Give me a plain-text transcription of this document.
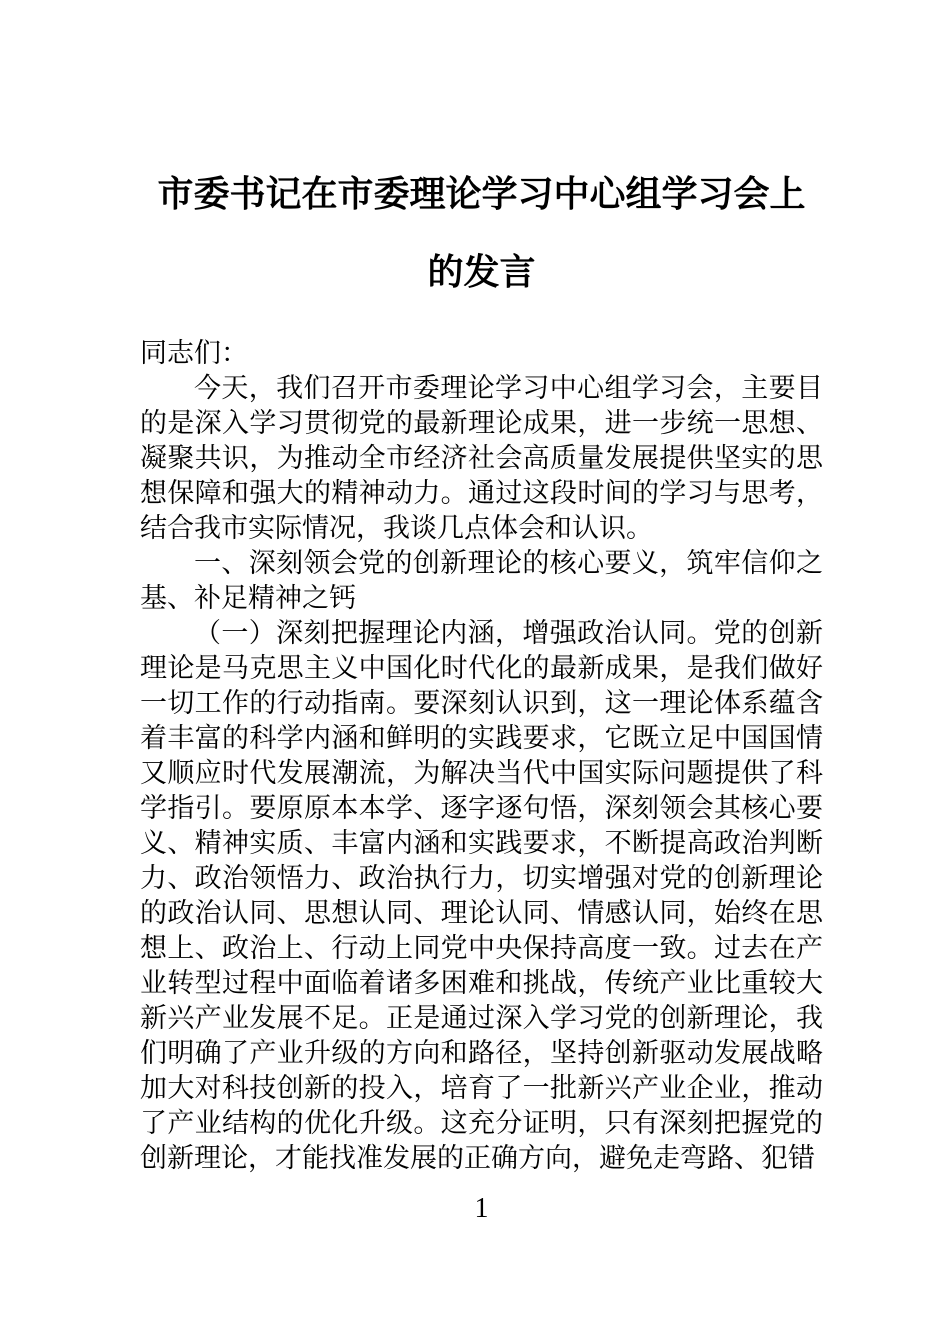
市委书记在市委理论学习中心组学习会上的发言

同志们：

今天，我们召开市委理论学习中心组学习会，主要目的是深入学习贯彻党的最新理论成果，进一步统一思想、凝聚共识，为推动全市经济社会高质量发展提供坚实的思想保障和强大的精神动力。通过这段时间的学习与思考，结合我市实际情况，我谈几点体会和认识。

一、深刻领会党的创新理论的核心要义，筑牢信仰之基、补足精神之钙

（一）深刻把握理论内涵，增强政治认同。党的创新理论是马克思主义中国化时代化的最新成果，是我们做好一切工作的行动指南。要深刻认识到，这一理论体系蕴含着丰富的科学内涵和鲜明的实践要求，它既立足中国国情又顺应时代发展潮流，为解决当代中国实际问题提供了科学指引。要原原本本学、逐字逐句悟，深刻领会其核心要义、精神实质、丰富内涵和实践要求，不断提高政治判断力、政治领悟力、政治执行力，切实增强对党的创新理论的政治认同、思想认同、理论认同、情感认同，始终在思想上、政治上、行动上同党中央保持高度一致。过去在产业转型过程中面临着诸多困难和挑战，传统产业比重较大新兴产业发展不足。正是通过深入学习党的创新理论，我们明确了产业升级的方向和路径，坚持创新驱动发展战略加大对科技创新的投入，培育了一批新兴产业企业，推动了产业结构的优化升级。这充分证明，只有深刻把握党的创新理论，才能找准发展的正确方向，避免走弯路、犯错

1
